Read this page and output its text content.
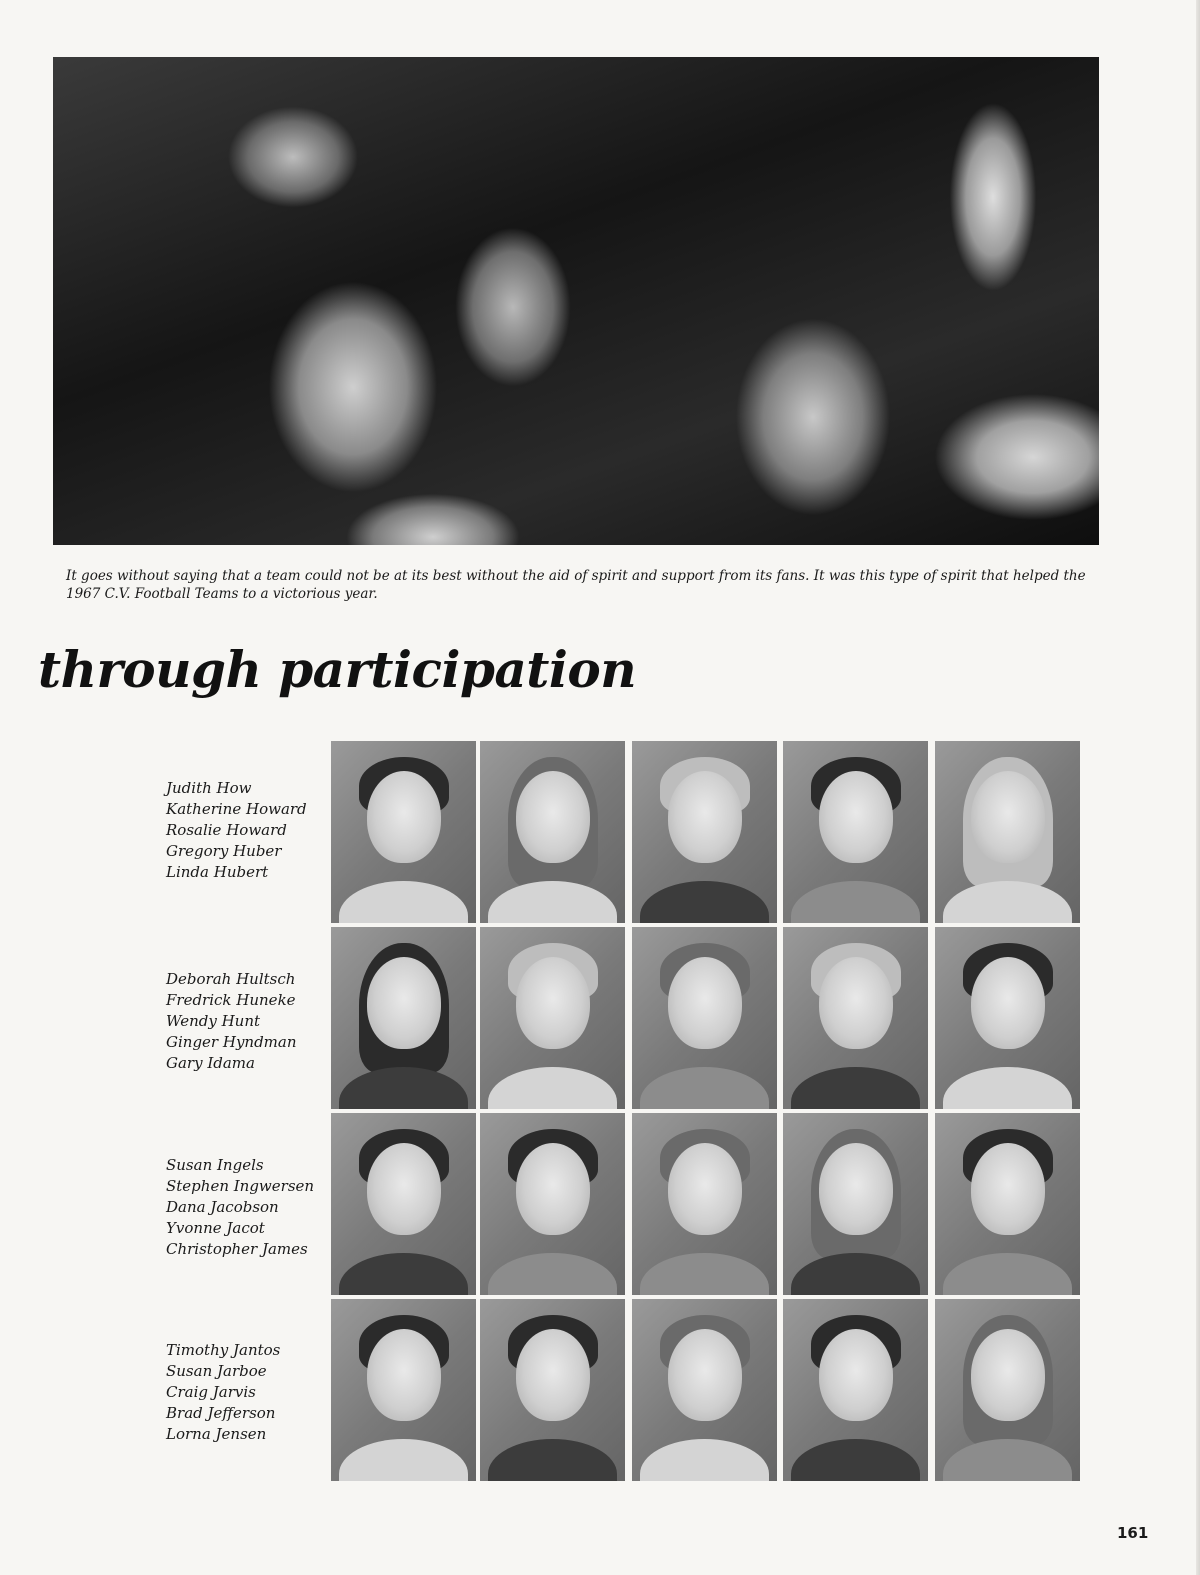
It goes without saying that a team could not be at its best without the aid of spirit and support from its fans. It was this type of spirit that helped the 1967 C.V. Football Teams to a victorious year.

through participation
Judith How
Katherine Howard
Rosalie Howard
Gregory Huber
Linda Hubert
Deborah Hultsch
Fredrick Huneke
Wendy Hunt
Ginger Hyndman
Gary Idama
Susan Ingels
Stephen Ingwersen
Dana Jacobson
Yvonne Jacot
Christopher James
Timothy Jantos
Susan Jarboe
Craig Jarvis
Brad Jefferson
Lorna Jensen

161
